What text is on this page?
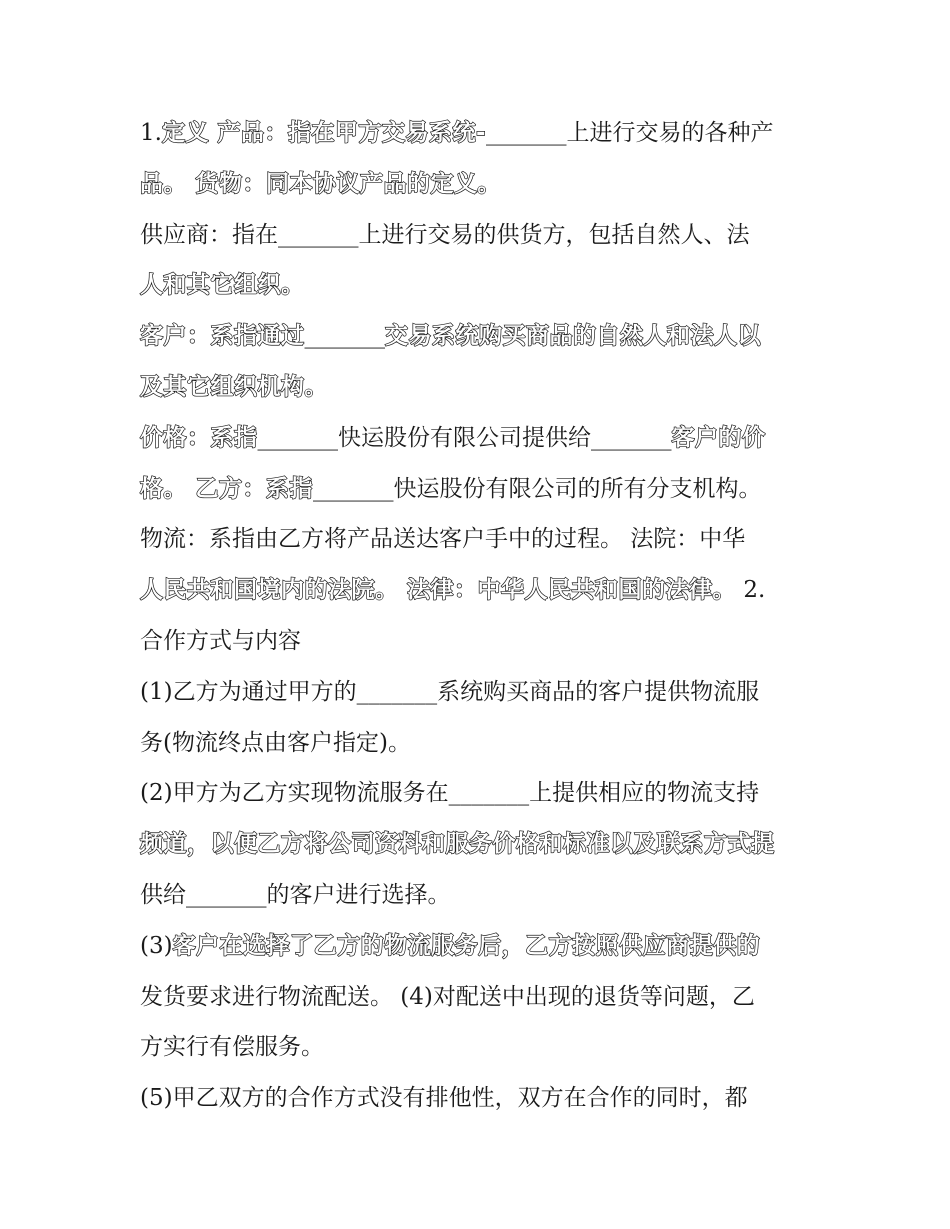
1.定义 产品：指在甲方交易系统-_______上进行交易的各种产
品。 货物：同本协议产品的定义。
供应商：指在_______上进行交易的供货方，包括自然人、法
人和其它组织。
客户：系指通过_______交易系统购买商品的自然人和法人以
及其它组织机构。
价格：系指_______快运股份有限公司提供给_______客户的价
格。 乙方：系指_______快运股份有限公司的所有分支机构。
物流：系指由乙方将产品送达客户手中的过程。 法院：中华
人民共和国境内的法院。 法律：中华人民共和国的法律。 2.
合作方式与内容
(1)乙方为通过甲方的_______系统购买商品的客户提供物流服
务(物流终点由客户指定)。
(2)甲方为乙方实现物流服务在_______上提供相应的物流支持
频道，以便乙方将公司资料和服务价格和标准以及联系方式提
供给_______的客户进行选择。
(3)客户在选择了乙方的物流服务后，乙方按照供应商提供的
发货要求进行物流配送。 (4)对配送中出现的退货等问题，乙
方实行有偿服务。
(5)甲乙双方的合作方式没有排他性，双方在合作的同时，都
